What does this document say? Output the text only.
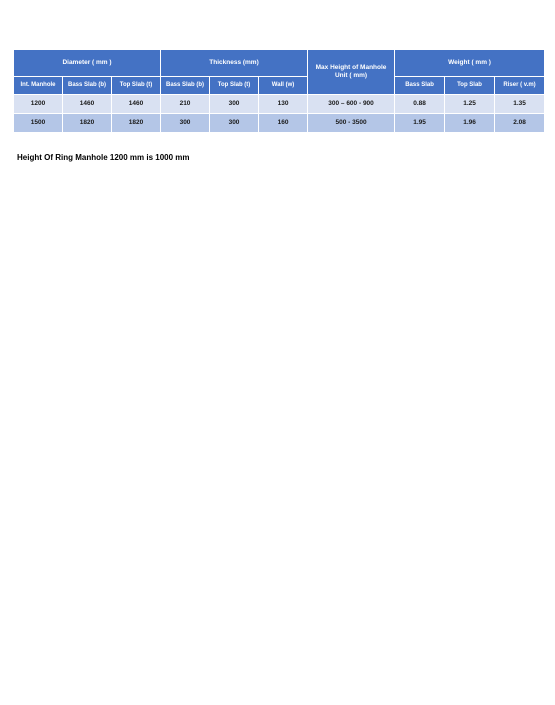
Diameter ( mm )			Thickness (mm)			Max Height of Manhole Unit ( mm)	Weight ( mm )		
Int. Manhole	Bass Slab (b)	Top Slab (t)	Bass Slab (b)	Top Slab (t)	Wall (w)		Bass Slab	Top Slab	Riser ( v.m)
1200	1460	1460	210	300	130	300 – 600 - 900	0.88	1.25	1.35
1500	1820	1820	300	300	160	500 - 3500	1.95	1.96	2.08

Height Of Ring Manhole 1200 mm is 1000 mm
